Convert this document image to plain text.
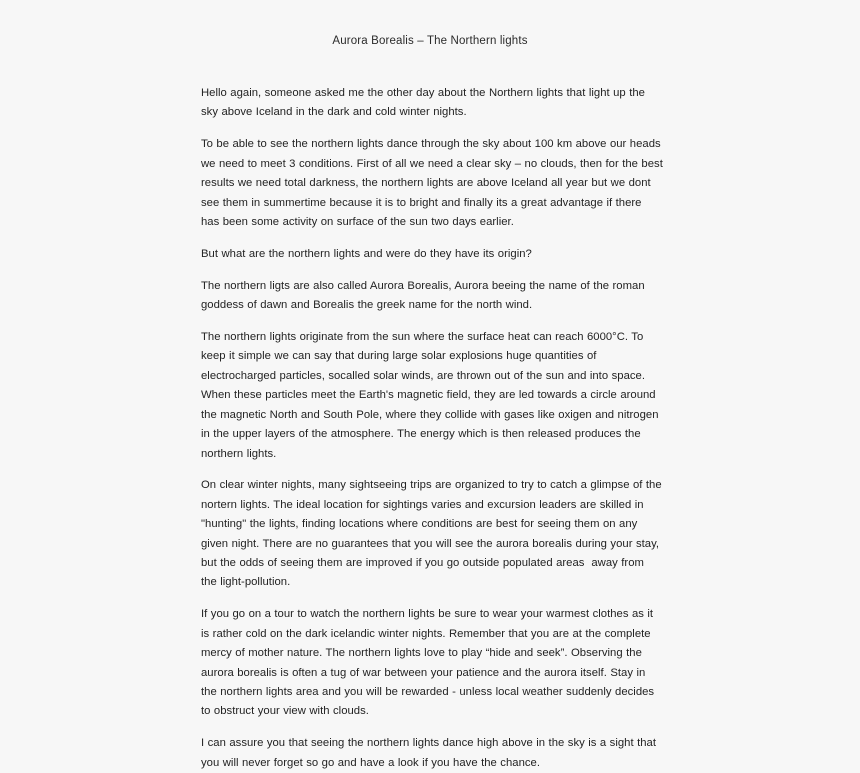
Aurora Borealis – The Northern lights

Hello again, someone asked me the other day about the Northern lights that light up the sky above Iceland in the dark and cold winter nights.

To be able to see the northern lights dance through the sky about 100 km above our heads we need to meet 3 conditions. First of all we need a clear sky – no clouds, then for the best results we need total darkness, the northern lights are above Iceland all year but we dont see them in summertime because it is to bright and finally its a great advantage if there has been some activity on surface of the sun two days earlier.

But what are the northern lights and were do they have its origin?

The northern ligts are also called Aurora Borealis, Aurora beeing the name of the roman goddess of dawn and Borealis the greek name for the north wind.

The northern lights originate from the sun where the surface heat can reach 6000°C. To keep it simple we can say that during large solar explosions huge quantities of electrocharged particles, socalled solar winds, are thrown out of the sun and into space. When these particles meet the Earth's magnetic field, they are led towards a circle around the magnetic North and South Pole, where they collide with gases like oxigen and nitrogen in the upper layers of the atmosphere. The energy which is then released produces the northern lights.

On clear winter nights, many sightseeing trips are organized to try to catch a glimpse of the nortern lights. The ideal location for sightings varies and excursion leaders are skilled in "hunting" the lights, finding locations where conditions are best for seeing them on any given night. There are no guarantees that you will see the aurora borealis during your stay, but the odds of seeing them are improved if you go outside populated areas  away from the light-pollution.

If you go on a tour to watch the northern lights be sure to wear your warmest clothes as it is rather cold on the dark icelandic winter nights. Remember that you are at the complete mercy of mother nature. The northern lights love to play “hide and seek”. Observing the aurora borealis is often a tug of war between your patience and the aurora itself. Stay in the northern lights area and you will be rewarded - unless local weather suddenly decides to obstruct your view with clouds.

I can assure you that seeing the northern lights dance high above in the sky is a sight that you will never forget so go and have a look if you have the chance.
